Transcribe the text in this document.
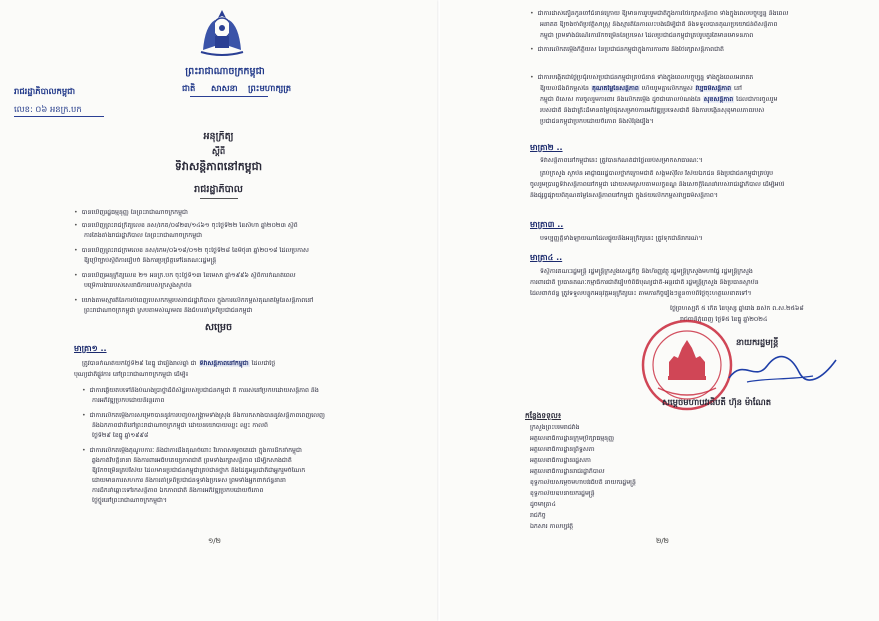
ព្រះរាជាណាចក្រកម្ពុជា
ជាតិ សាសនា ព្រះមហាក្សត្រ
រាជរដ្ឋាភិបាលកម្ពុជា
លេខ: ០៦ អនក្រ.បក
អនុក្រឹត្យ
ស្តីពី
ទិវាសន្តិភាពនៅកម្ពុជា
រាជរដ្ឋាភិបាល
• បានឃើញរដ្ឋធម្មនុញ្ញ នៃព្រះរាជាណាចក្រកម្ពុជា
• បានឃើញព្រះរាជក្រឹត្យលេខ នស/រកត/០៨២៣/១៤៦១ ចុះថ្ងៃទី២២ ខែសីហា ឆ្នាំ២០២៣ ស្តីពី
ការតែងតាំងរាជរដ្ឋាភិបាល នៃព្រះរាជាណាចក្រកម្ពុជា
• បានឃើញព្រះរាជក្រមលេខ នស/រកម/០៦១៨/០១២ ចុះថ្ងៃទី២៨ ខែមិថុនា ឆ្នាំ២០១៨ ដែលប្រកាស
ឱ្យប្រើច្បាប់ស្តីពីការរៀបចំ និងការប្រព្រឹត្តទៅនៃគណៈរដ្ឋមន្ត្រី
• បានឃើញអនុក្រឹត្យលេខ ២១ អនក្រ.បក ចុះថ្ងៃទី១៣ ខែមេសា ឆ្នាំ១៩៩៦ ស្តីពីការកំណត់ពេល
បម្រើការងាររបស់សេនាធិការរបស់ក្រសួងស្ថាប័ន
• យោងតាមស្មារតីនៃការបំពេញបេសកកម្មរបស់រាជរដ្ឋាភិបាល ក្នុងការលើកកម្ពស់គុណតម្លៃនៃសន្តិភាពនៅ
ព្រះរាជាណាចក្រកម្ពុជា ស្របតាមសំណូមពរ និងជំហរគាំទ្រពីប្រជាជនកម្ពុជា
សម្រេច
មាត្រា១ ..
ត្រូវបានកំណត់យកថ្ងៃទី២៩ ខែធ្នូ ជារៀងរាល់ឆ្នាំ ជា ទិវាសន្តិភាពនៅកម្ពុជា ដែលជាថ្ងៃ
បុណ្យជាតិផ្លូវការ នៅព្រះរាជាណាចក្រកម្ពុជា ដើម្បី៖
• ជាការឆ្លើយតបទៅនឹងបំណងប្រាថ្នាដ៏ពិសិដ្ឋរបស់ប្រជាជនកម្ពុជា គឺ ការរស់នៅប្រកបដោយសន្តិភាព និង
ការអភិវឌ្ឍប្រកបដោយនិរន្តរភាព
• ជាការលើកតម្កើងការសម្រេចបាននូវការបញ្ចប់សង្គ្រាមទាំងស្រុង និងការកសាងបាននូវសន្តិភាពពេញលេញ
និងឯកភាពជាតិនៅព្រះរាជាណាចក្រកម្ពុជា ដោយនយោបាយឈ្នះ ឈ្នះ កាលពី
ថ្ងៃទី២៩ ខែធ្នូ ឆ្នាំ១៩៩៨
• ជាការលើកតម្កើងគុណូបការៈ និងជាការដឹងគុណចំពោះ វីរភាពសម្តេចតេជោ ក្នុងការដឹកនាំកម្ពុជា
ឆ្លងកាត់វិបត្តិនានា និងការពារអធិបតេយ្យភាពជាតិ ព្រមទាំងរក្សាសន្តិភាព ដើម្បីកសាងជាតិ
ឱ្យរីកចម្រើនគ្រប់វិស័យ ដែលមានប្រជាជនកម្ពុជាគ្រប់ជាន់ថ្នាក់ និងដៃគូអន្តរជាតិជាអ្នករួមចំណែក
ដោយមានការសហការ និងការគាំទ្រពីប្រជាជនទូទាំងប្រទេស ព្រមទាំងអ្នកពាក់ព័ន្ធនានា
ការដឹកនាំឆ្ពោះទៅរកសន្តិភាព ឯកភាពជាតិ និងការអភិវឌ្ឍប្រកបដោយចីរភាព
ថ្លៃថ្នូរនៅព្រះរាជាណាចក្រកម្ពុជា។
១/២
• ជាការដាស់តឿនកូនចៅជំនាន់ក្រោយ ឱ្យមានការរួបរួមជាតិក្នុងការថែរក្សាសន្តិភាព ទាំងក្នុងពេលបច្ចុប្បន្ន និងពេល
អនាគត ឱ្យចងចាំពីប្រវត្តិសាស្រ្ត និងស្មារតីនៃការលះបង់ដើម្បីជាតិ និងទទួលបានគុណប្រយោជន៍ពីសន្តិភាព
កម្ពុជា ព្រមទាំងដំណើរការរីកចម្រើននៃប្រទេស ដែលប្រជាជនកម្ពុជាគ្រប់រូបគួរតែមានមោទនភាព
• ជាការលើកតម្កើងកិត្តិយស នៃប្រជាជនកម្ពុជាក្នុងការការពារ និងថែរក្សាសន្តិភាពជាតិ
• ជាការបង្កើតជាថ្ងៃប្រជុំរបស់ប្រជាជនកម្ពុជាគ្រប់ជំនាន់ ទាំងក្នុងពេលបច្ចុប្បន្ន ទាំងក្នុងពេលអនាគត
ឱ្យយល់ដឹងពីកម្ពស់នៃ គុណតម្លៃនៃសន្តិភាព ហើយរួមគ្នាលើកកម្ពស់ វប្បធម៌សន្តិភាព នៅ
កម្ពុជា ពិសេស ការចូលរួមការពារ និងលើកតម្កើង ដូចជាគោលបំណងនៃ សុខសន្តិភាព ដែលជាការចូលរួម
របស់ជាតិ និងជាគ្រឹះដ៏មានតម្លៃបំផុតសម្រាប់ការអភិវឌ្ឍប្រទេសជាតិ និងការបង្កើនសុខុមាលភាពរបស់
ប្រជាជនកម្ពុជាប្រកបដោយចីរភាព និងសិរីរុងរឿង។
មាត្រា២ ..
ទិវាសន្តិភាពនៅកម្ពុជានេះ ត្រូវបានកំណត់ជាថ្ងៃឈប់សម្រាកសាធារណៈ។
គ្រប់ក្រសួង ស្ថាប័ន អាជ្ញាធររដ្ឋបាលថ្នាក់ក្រោមជាតិ សង្គមស៊ីវិល វិស័យឯកជន និងប្រជាជនកម្ពុជាគ្រប់រូប
ចូលរួមប្រារព្ធទិវាសន្តិភាពនៅកម្ពុជា ដោយសមស្របតាមលក្ខខណ្ឌ និងសេចក្តីណែនាំរបស់រាជរដ្ឋាភិបាល ដើម្បីអប់រំ
និងផ្សព្វផ្សាយពីគុណតម្លៃនៃសន្តិភាពនៅកម្ពុជា ក្នុងន័យលើកកម្ពស់វប្បធម៌សន្តិភាព។
មាត្រា៣ ..
បទប្បញ្ញត្តិទាំងឡាយណាដែលផ្ទុយនឹងអនុក្រឹត្យនេះ ត្រូវទុកជានិរាករណ៍។
មាត្រា៤ ..
ទីស្តីការគណៈរដ្ឋមន្ត្រី រដ្ឋមន្ត្រីក្រសួងសេដ្ឋកិច្ច និងហិរញ្ញវត្ថុ រដ្ឋមន្ត្រីក្រសួងមហាផ្ទៃ រដ្ឋមន្ត្រីក្រសួង
ការពារជាតិ ប្រធានគណៈកម្មាធិការជាតិរៀបចំពិធីបុណ្យជាតិ-អន្តរជាតិ រដ្ឋមន្ត្រីក្រសួង និងប្រធានស្ថាប័ន
ដែលពាក់ព័ន្ធ ត្រូវទទួលបន្ទុកអនុវត្តអនុក្រឹត្យនេះ តាមភារកិច្ចរៀងៗខ្លួនចាប់ពីថ្ងៃចុះហត្ថលេខាតទៅ។
ថ្ងៃព្រហស្បតិ៍ ៥ កើត ខែបុស្ស ឆ្នាំរោង ឆស័ក ព.ស.២៥៦៨
រាជធានីភ្នំពេញ ថ្ងៃទី៥ ខែធ្នូ ឆ្នាំ២០២៤
នាយករដ្ឋមន្ត្រី
សម្តេចមហាបវរធិបតី ហ៊ុន ម៉ាណែត
កន្លែងទទួល៖
ក្រសួងព្រះបរមរាជវាំង
អគ្គលេខាធិការដ្ឋានក្រុមប្រឹក្សាធម្មនុញ្ញ
អគ្គលេខាធិការដ្ឋានព្រឹទ្ធសភា
អគ្គលេខាធិការដ្ឋានរដ្ឋសភា
អគ្គលេខាធិការដ្ឋានរាជរដ្ឋាភិបាល
ខុទ្ទកាល័យសម្តេចមហាបវរធិបតី នាយករដ្ឋមន្ត្រី
ខុទ្ទកាល័យឧបនាយករដ្ឋមន្ត្រី
ដូចមាត្រា៤
រាជកិច្ច
ឯកសារ កាលប្បវត្តិ
២/២
